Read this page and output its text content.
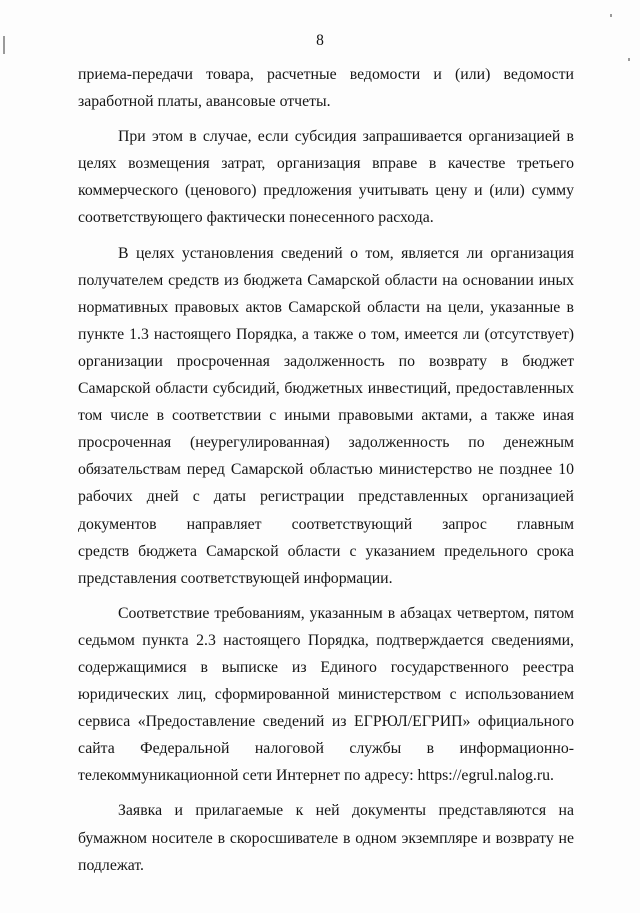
8
приема-передачи товара, расчетные ведомости и (или) ведомости
заработной платы, авансовые отчеты.
При этом в случае, если субсидия запрашивается организацией в
целях возмещения затрат, организация вправе в качестве третьего
коммерческого (ценового) предложения учитывать цену и (или) сумму
соответствующего фактически понесенного расхода.
В целях установления сведений о том, является ли организация
получателем средств из бюджета Самарской области на основании иных
нормативных правовых актов Самарской области на цели, указанные в
пункте 1.3 настоящего Порядка, а также о том, имеется ли (отсутствует)
организации просроченная задолженность по возврату в бюджет
Самарской области субсидий, бюджетных инвестиций, предоставленных
том числе в соответствии с иными правовыми актами, а также иная
просроченная (неурегулированная) задолженность по денежным
обязательствам перед Самарской областью министерство не позднее 10
рабочих дней с даты регистрации представленных организацией
документов направляет соответствующий запрос главным
средств бюджета Самарской области с указанием предельного срока
представления соответствующей информации.
Соответствие требованиям, указанным в абзацах четвертом, пятом
седьмом пункта 2.3 настоящего Порядка, подтверждается сведениями,
содержащимися в выписке из Единого государственного реестра
юридических лиц, сформированной министерством с использованием
сервиса «Предоставление сведений из ЕГРЮЛ/ЕГРИП» официального
сайта Федеральной налоговой службы в информационно-
телекоммуникационной сети Интернет по адресу: https://egrul.nalog.ru.
Заявка и прилагаемые к ней документы представляются на
бумажном носителе в скоросшивателе в одном экземпляре и возврату не
подлежат.
